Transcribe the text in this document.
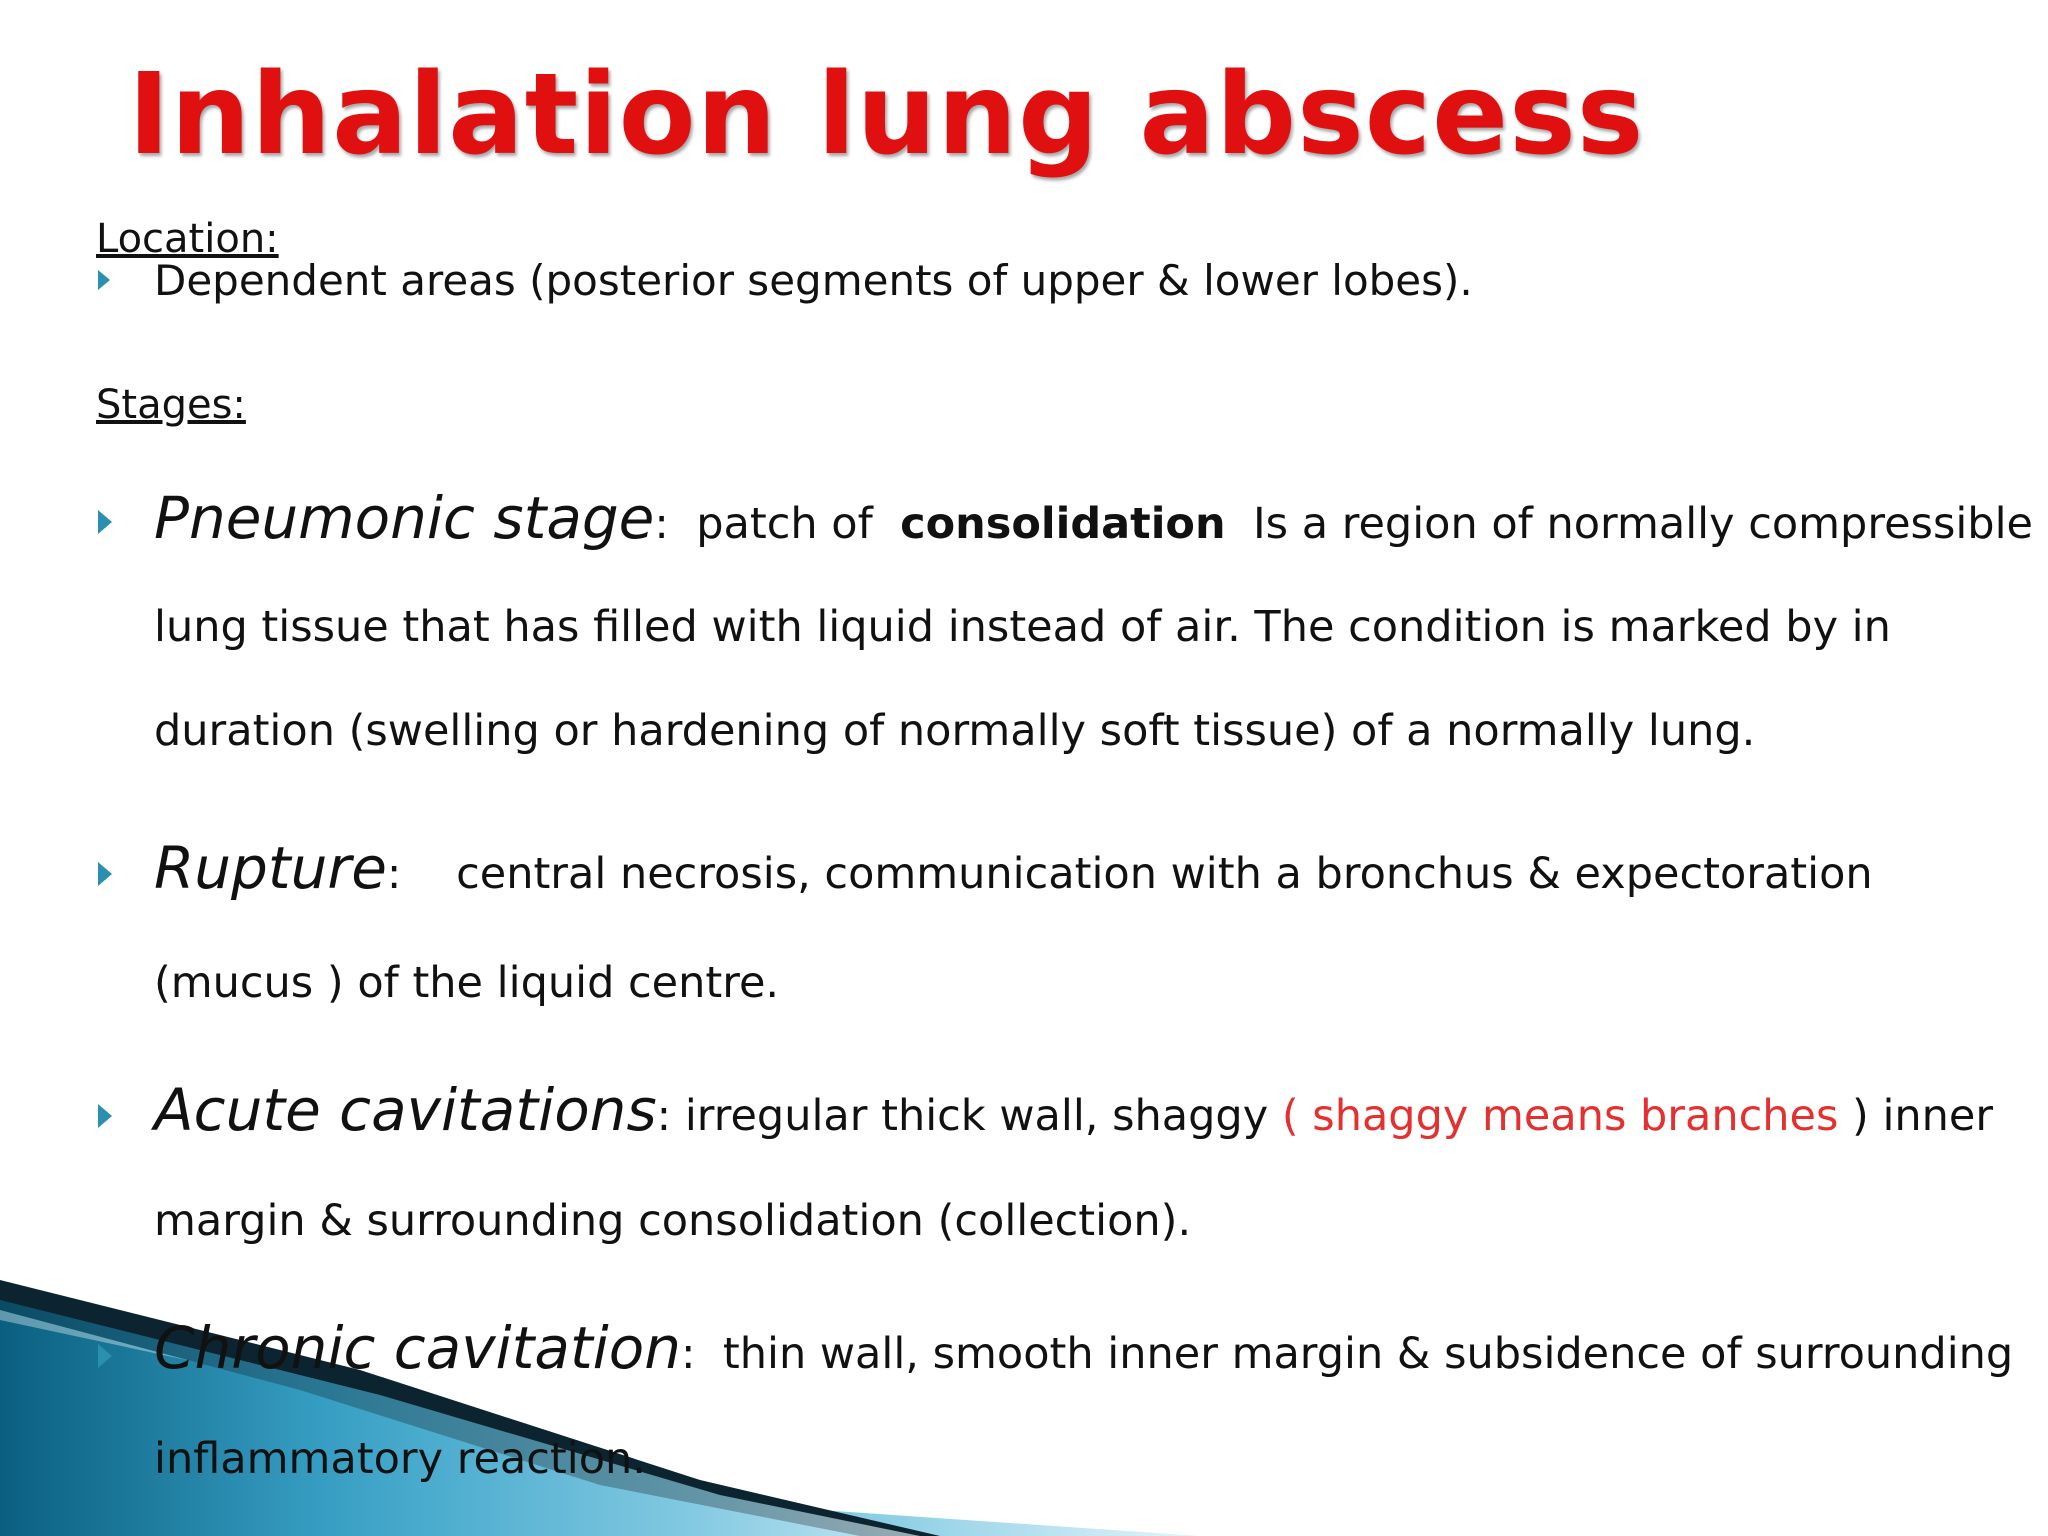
Inhalation lung abscess
Location:
Dependent areas (posterior segments of upper & lower lobes).
Stages:
Pneumonic stage: patch of consolidation Is a region of normally compressible
lung tissue that has filled with liquid instead of air. The condition is marked by in
duration (swelling or hardening of normally soft tissue) of a normally lung.
Rupture: central necrosis, communication with a bronchus & expectoration
(mucus ) of the liquid centre.
Acute cavitations: irregular thick wall, shaggy ( shaggy means branches ) inner
margin & surrounding consolidation (collection).
Chronic cavitation: thin wall, smooth inner margin & subsidence of surrounding
inflammatory reaction.
